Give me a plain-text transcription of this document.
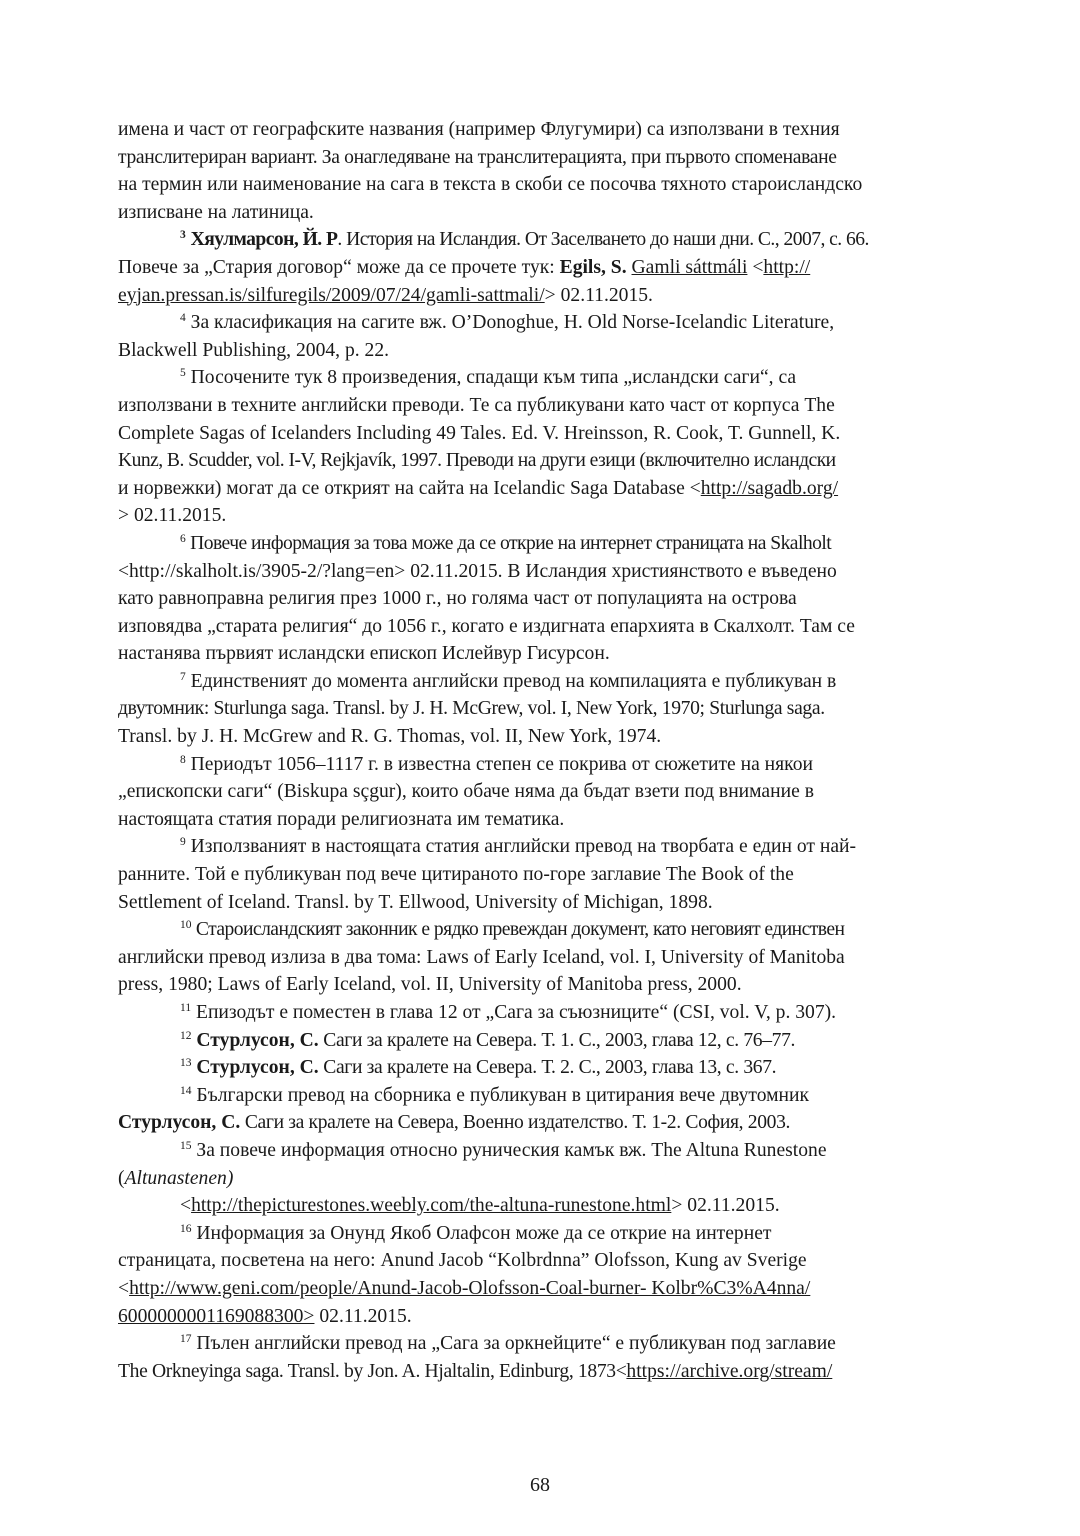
имена и част от географските названия (например Флугумири) са използвани в техния
транслитериран вариант. За онагледяване на транслитерацията, при първото споменаване
на термин или наименование на сага в текста в скоби се посочва тяхното староисландско
изписване на латиница.

$^3$ Хяулмарсон, Й. Р. История на Исландия. От Заселването до наши дни. С., 2007, с. 66.
Повече за „Стария договор“ може да се прочете тук: Egils, S. Gamli sáttmáli <http://
eyjan.pressan.is/silfuregils/2009/07/24/gamli-sattmali/> 02.11.2015.

$^4$ За класификация на сагите вж. O’Donoghue, H. Old Norse-Icelandic Literature,
Blackwell Publishing, 2004, p. 22.

$^5$ Посочените тук 8 произведения, спадащи към типа „исландски саги“, са
използвани в техните английски преводи. Те са публикувани като част от корпуса The
Complete Sagas of Icelanders Including 49 Tales. Ed. V. Hreinsson, R. Cook, T. Gunnell, K.
Kunz, B. Scudder, vol. I-V, Rejkjavík, 1997. Преводи на други езици (включително исландски
и норвежки) могат да се открият на сайта на Icelandic Saga Database <http://sagadb.org/
> 02.11.2015.

$^6$ Повече информация за това може да се открие на интернет страницата на Skalholt
<http://skalholt.is/3905-2/?lang=en> 02.11.2015. В Исландия християнството е въведено
като равноправна религия през 1000 г., но голяма част от популацията на острова
изповядва „старата религия“ до 1056 г., когато е издигната епархията в Скалхолт. Там се
настанява първият исландски епископ Ислейвур Гисурсон.

$^7$ Единственият до момента английски превод на компилацията е публикуван в
двутомник: Sturlunga saga. Transl. by J. H. McGrew, vol. I, New York, 1970; Sturlunga saga.
Transl. by J. H. McGrew and R. G. Thomas, vol. II, New York, 1974.

$^8$ Периодът 1056–1117 г. в известна степен се покрива от сюжетите на някои
„епископски саги“ (Biskupa sçgur), които обаче няма да бъдат взети под внимание в
настоящата статия поради религиозната им тематика.

$^9$ Използваният в настоящата статия английски превод на творбата е един от най-
ранните. Той е публикуван под вече цитираното по-горе заглавие The Book of the
Settlement of Iceland. Transl. by T. Ellwood, University of Michigan, 1898.

$^{10}$ Староисландският законник е рядко превеждан документ, като неговият единствен
английски превод излиза в два тома: Laws of Early Iceland, vol. I, University of Manitoba
press, 1980; Laws of Early Iceland, vol. II, University of Manitoba press, 2000.

$^{11}$ Епизодът е поместен в глава 12 от „Сага за съюзниците“ (CSI, vol. V, p. 307).

$^{12}$ Стурлусон, С. Саги за кралете на Севера. Т. 1. С., 2003, глава 12, с. 76–77.

$^{13}$ Стурлусон, С. Саги за кралете на Севера. Т. 2. С., 2003, глава 13, с. 367.

$^{14}$ Български превод на сборника е публикуван в цитирания вече двутомник
Стурлусон, С. Саги за кралете на Севера, Военно издателство. Т. 1-2. София, 2003.

$^{15}$ За повече информация относно руническия камък вж. The Altuna Runestone
(Altunastenen)

<http://thepicturestones.weebly.com/the-altuna-runestone.html> 02.11.2015.

$^{16}$ Информация за Онунд Якоб Олафсон може да се открие на интернет
страницата, посветена на него: Anund Jacob “Kolbrdnna” Olofsson, Kung av Sverige
<http://www.geni.com/people/Anund-Jacob-Olofsson-Coal-burner- Kolbr%C3%A4nna/
6000000001169088300> 02.11.2015.

$^{17}$ Пълен английски превод на „Сага за оркнейците“ е публикуван под заглавие
The Orkneyinga saga. Transl. by Jon. A. Hjaltalin, Edinburg, 1873<https://archive.org/stream/

68
